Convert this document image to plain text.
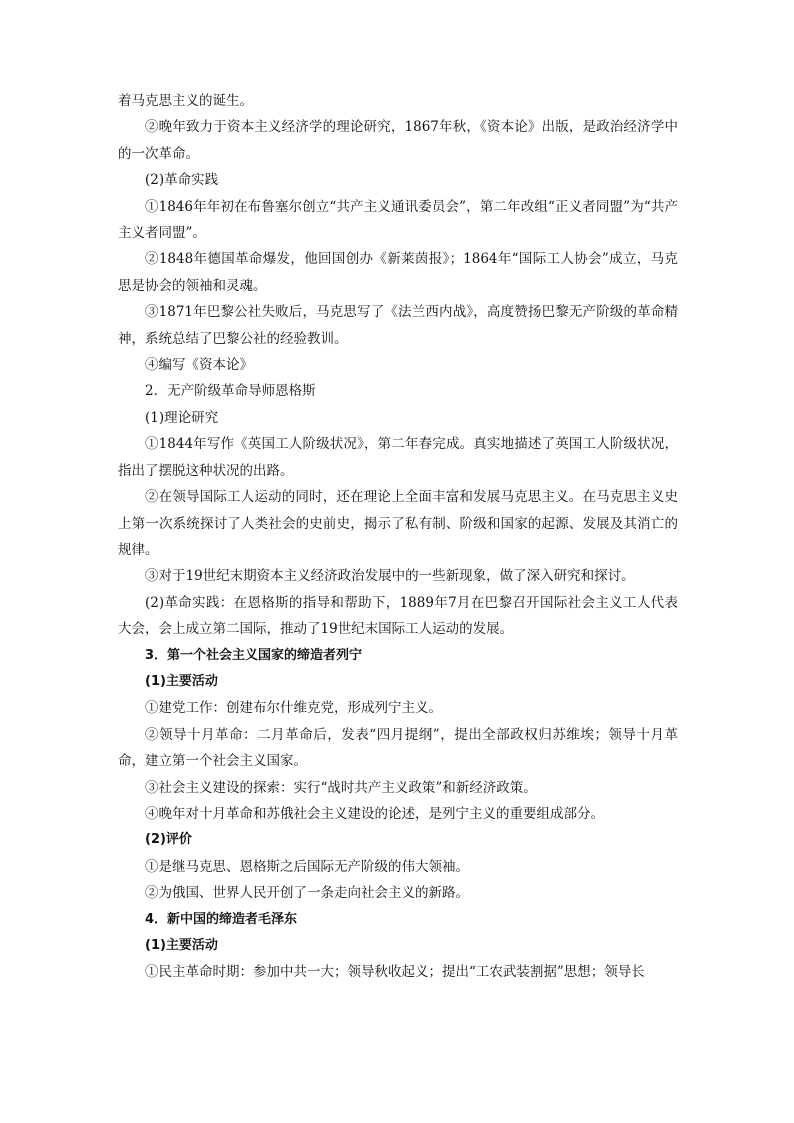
着马克思主义的诞生。

②晚年致力于资本主义经济学的理论研究，1867年秋，《资本论》出版，是政治经济学中的一次革命。

(2)革命实践

①1846年年初在布鲁塞尔创立“共产主义通讯委员会”，第二年改组“正义者同盟”为“共产主义者同盟”。

②1848年德国革命爆发，他回国创办《新莱茵报》；1864年“国际工人协会”成立，马克思是协会的领袖和灵魂。

③1871年巴黎公社失败后，马克思写了《法兰西内战》，高度赞扬巴黎无产阶级的革命精神，系统总结了巴黎公社的经验教训。

④编写《资本论》

2．无产阶级革命导师恩格斯

(1)理论研究

①1844年写作《英国工人阶级状况》，第二年春完成。真实地描述了英国工人阶级状况，指出了摆脱这种状况的出路。

②在领导国际工人运动的同时，还在理论上全面丰富和发展马克思主义。在马克思主义史上第一次系统探讨了人类社会的史前史，揭示了私有制、阶级和国家的起源、发展及其消亡的规律。

③对于19世纪末期资本主义经济政治发展中的一些新现象，做了深入研究和探讨。

(2)革命实践：在恩格斯的指导和帮助下，1889年7月在巴黎召开国际社会主义工人代表大会，会上成立第二国际，推动了19世纪末国际工人运动的发展。

3．第一个社会主义国家的缔造者列宁

(1)主要活动

①建党工作：创建布尔什维克党，形成列宁主义。

②领导十月革命：二月革命后，发表“四月提纲”，提出全部政权归苏维埃；领导十月革命，建立第一个社会主义国家。

③社会主义建设的探索：实行“战时共产主义政策”和新经济政策。

④晚年对十月革命和苏俄社会主义建设的论述，是列宁主义的重要组成部分。

(2)评价

①是继马克思、恩格斯之后国际无产阶级的伟大领袖。

②为俄国、世界人民开创了一条走向社会主义的新路。

4．新中国的缔造者毛泽东

(1)主要活动

①民主革命时期：参加中共一大；领导秋收起义；提出“工农武装割据”思想；领导长
